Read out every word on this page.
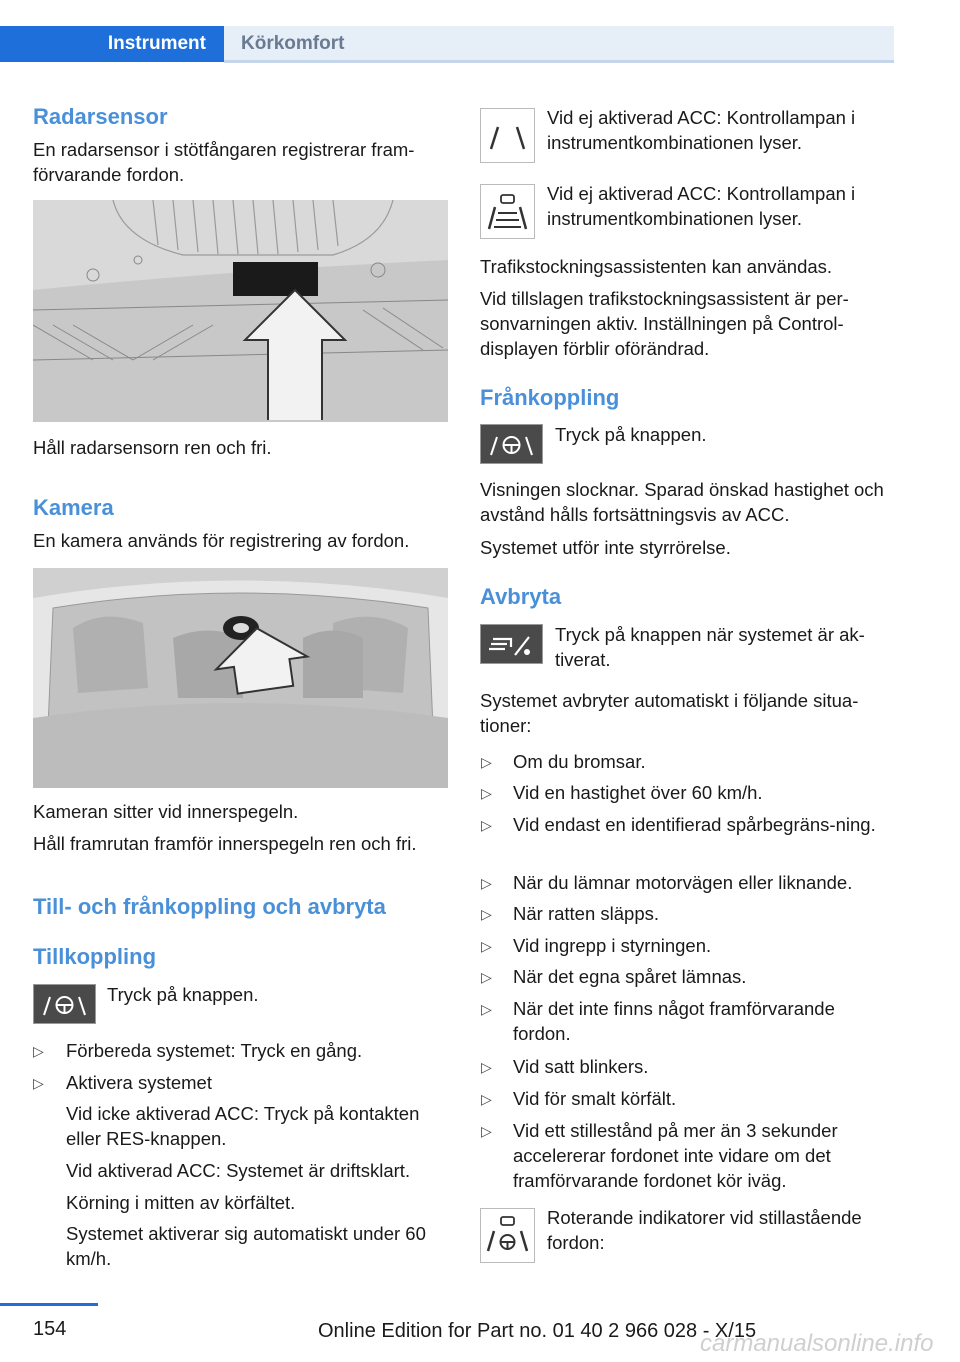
Instrument Körkomfort
Radarsensor
En radarsensor i stötfångaren registrerar fram-förvarande fordon.
Håll radarsensorn ren och fri.
Kamera
En kamera används för registrering av fordon.
Kameran sitter vid innerspegeln.
Håll framrutan framför innerspegeln ren och fri.
Till- och frånkoppling och avbryta
Tillkoppling
Tryck på knappen.
▷ Förbereda systemet: Tryck en gång.
▷ Aktivera systemet
Vid icke aktiverad ACC: Tryck på kontakten eller RES-knappen.
Vid aktiverad ACC: Systemet är driftsklart.
Körning i mitten av körfältet.
Systemet aktiverar sig automatiskt under 60 km/h.
Vid ej aktiverad ACC: Kontrollampan i instrumentkombinationen lyser.
Vid ej aktiverad ACC: Kontrollampan i instrumentkombinationen lyser.
Trafikstockningsassistenten kan användas.
Vid tillslagen trafikstockningsassistent är per-sonvarningen aktiv. Inställningen på Control-displayen förblir oförändrad.
Frånkoppling
Tryck på knappen.
Visningen slocknar. Sparad önskad hastighet och avstånd hålls fortsättningsvis av ACC.
Systemet utför inte styrrörelse.
Avbryta
Tryck på knappen när systemet är ak-tiverat.
Systemet avbryter automatiskt i följande situa-tioner:
▷ Om du bromsar.
▷ Vid en hastighet över 60 km/h.
▷ Vid endast en identifierad spårbegräns-ning.
▷ När du lämnar motorvägen eller liknande.
▷ När ratten släpps.
▷ Vid ingrepp i styrningen.
▷ När det egna spåret lämnas.
▷ När det inte finns något framförvarande fordon.
▷ Vid satt blinkers.
▷ Vid för smalt körfält.
▷ Vid ett stillestånd på mer än 3 sekunder accelererar fordonet inte vidare om det framförvarande fordonet kör iväg.
Roterande indikatorer vid stillastående fordon:
154	Online Edition for Part no. 01 40 2 966 028 - X/15
carmanualsonline.info
